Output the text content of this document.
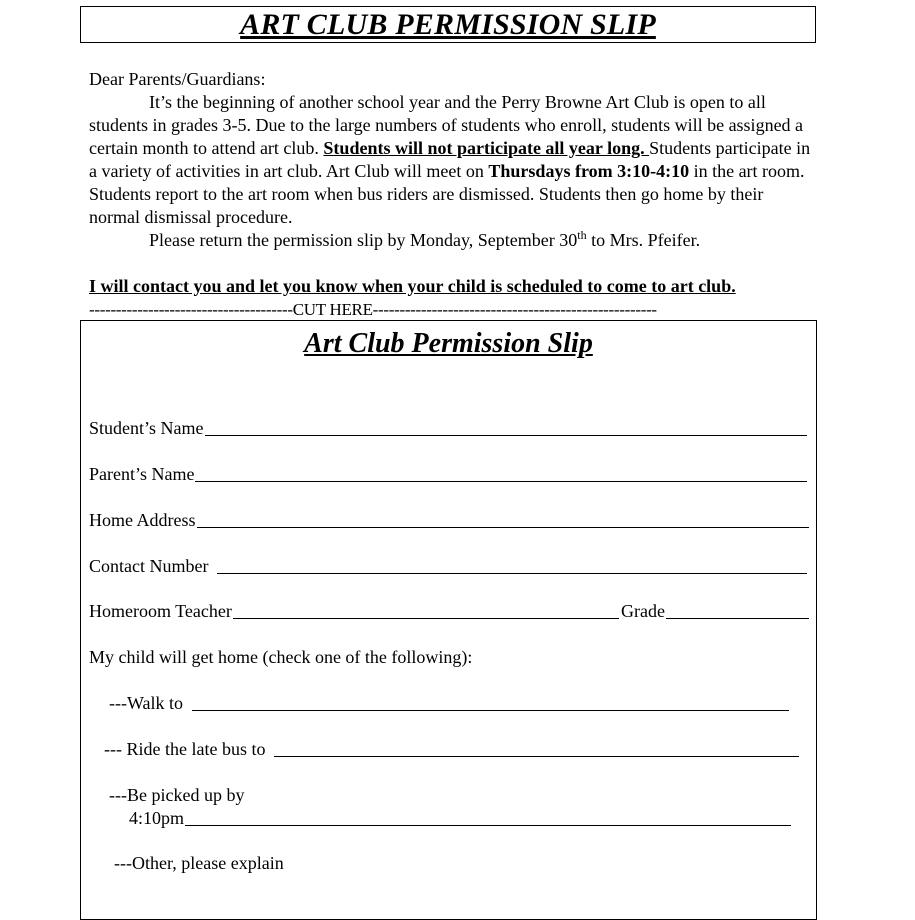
ART CLUB PERMISSION SLIP

Dear Parents/Guardians:

It’s the beginning of another school year and the Perry Browne Art Club is open to all students in grades 3-5. Due to the large numbers of students who enroll, students will be assigned a certain month to attend art club. Students will not participate all year long. Students participate in a variety of activities in art club. Art Club will meet on Thursdays from 3:10-4:10 in the art room. Students report to the art room when bus riders are dismissed. Students then go home by their normal dismissal procedure.

Please return the permission slip by Monday, September 30th to Mrs. Pfeifer.

I will contact you and let you know when your child is scheduled to come to art club.
--------------------------------------CUT HERE-----------------------------------------------------
Art Club Permission Slip
Student’s Name
Parent’s Name
Home Address
Contact Number
Homeroom Teacher	Grade
My child will get home (check one of the following):
---Walk to
--- Ride the late bus to
---Be picked up by
4:10pm
---Other, please explain
